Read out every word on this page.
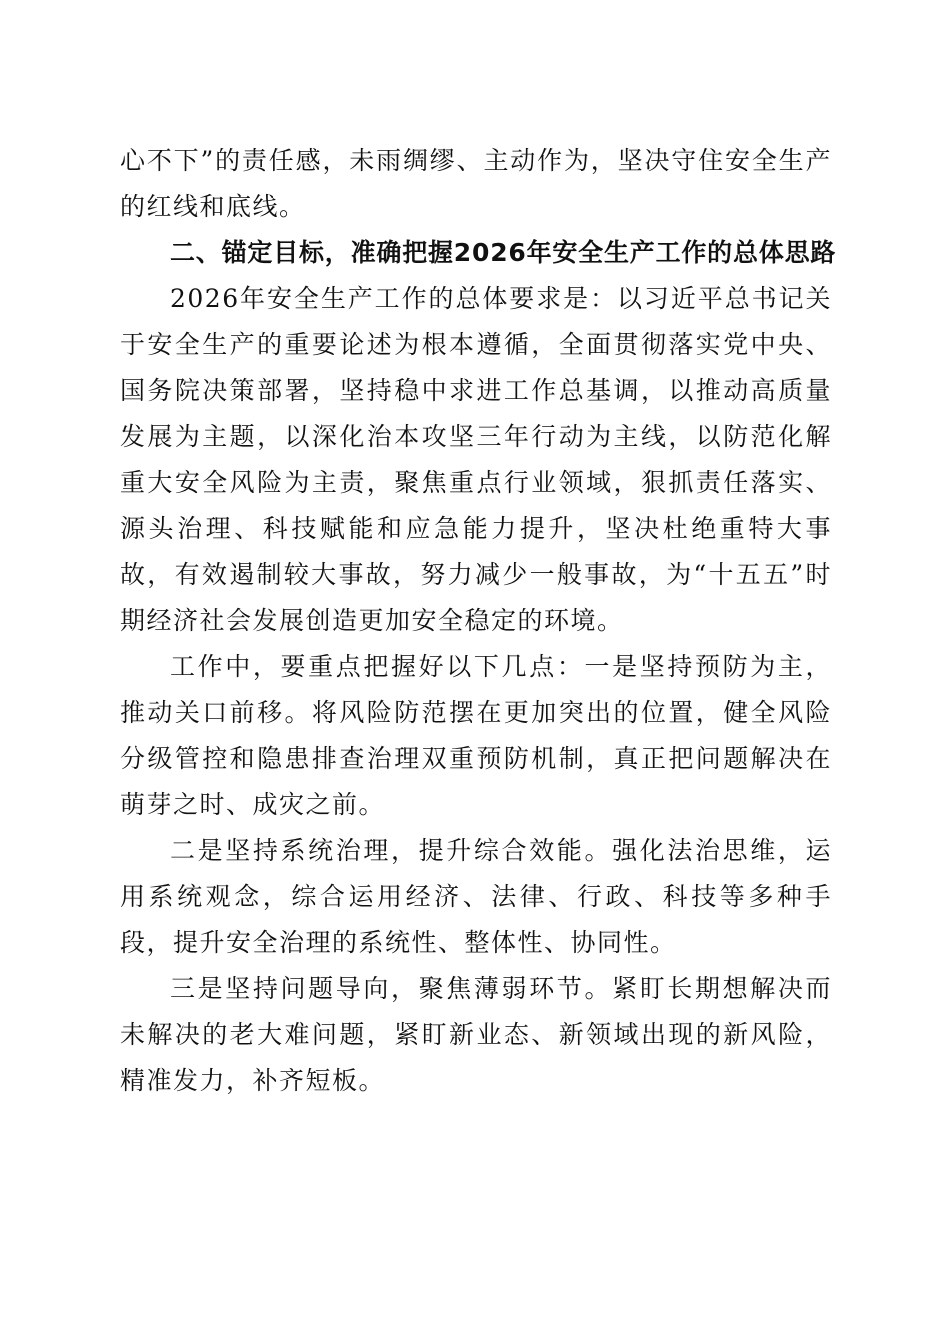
心不下”的责任感，未雨绸缪、主动作为，坚决守住安全生产的红线和底线。

二、锚定目标，准确把握2026年安全生产工作的总体思路

2026年安全生产工作的总体要求是：以习近平总书记关于安全生产的重要论述为根本遵循，全面贯彻落实党中央、国务院决策部署，坚持稳中求进工作总基调，以推动高质量发展为主题，以深化治本攻坚三年行动为主线，以防范化解重大安全风险为主责，聚焦重点行业领域，狠抓责任落实、源头治理、科技赋能和应急能力提升，坚决杜绝重特大事故，有效遏制较大事故，努力减少一般事故，为“十五五”时期经济社会发展创造更加安全稳定的环境。

工作中，要重点把握好以下几点：一是坚持预防为主，推动关口前移。将风险防范摆在更加突出的位置，健全风险分级管控和隐患排查治理双重预防机制，真正把问题解决在萌芽之时、成灾之前。

二是坚持系统治理，提升综合效能。强化法治思维，运用系统观念，综合运用经济、法律、行政、科技等多种手段，提升安全治理的系统性、整体性、协同性。

三是坚持问题导向，聚焦薄弱环节。紧盯长期想解决而未解决的老大难问题，紧盯新业态、新领域出现的新风险，精准发力，补齐短板。
